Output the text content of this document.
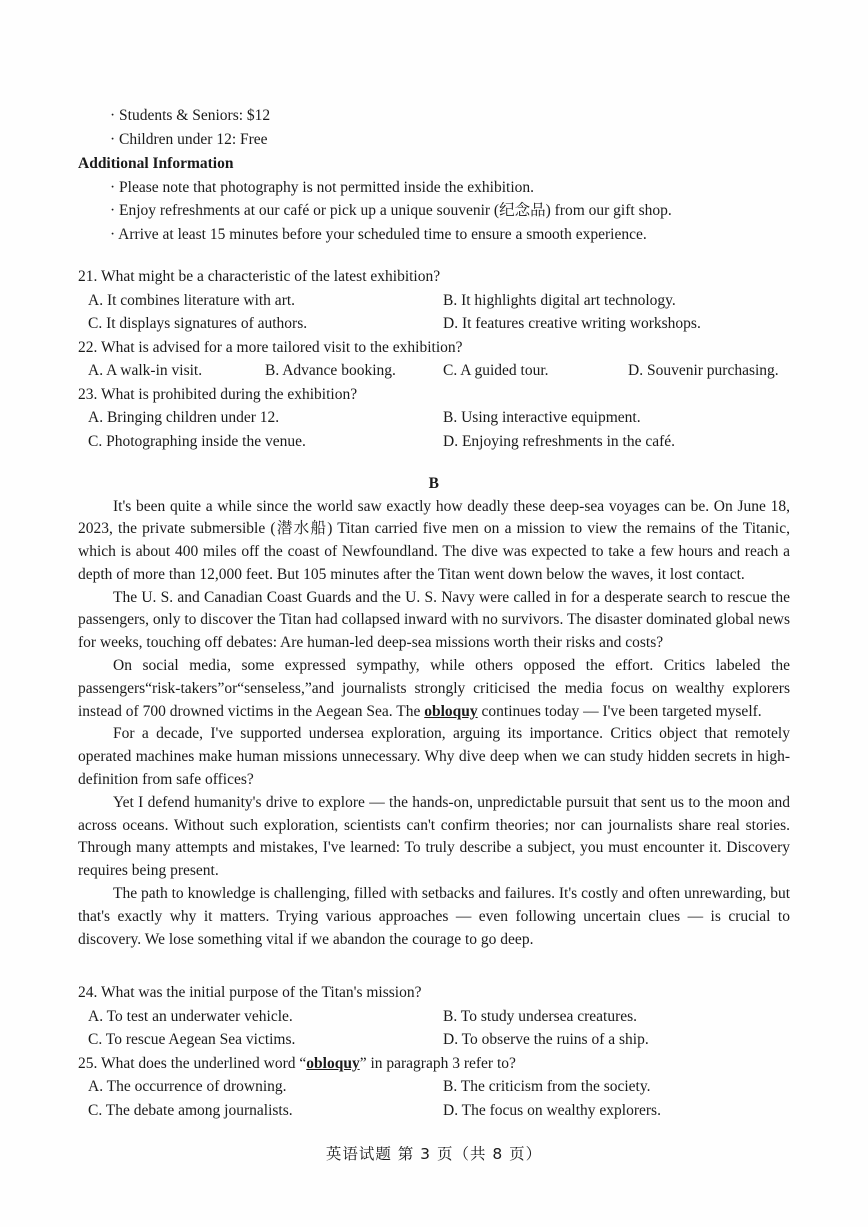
· Students & Seniors: $12
· Children under 12: Free
Additional Information
· Please note that photography is not permitted inside the exhibition.
· Enjoy refreshments at our café or pick up a unique souvenir (纪念品) from our gift shop.
· Arrive at least 15 minutes before your scheduled time to ensure a smooth experience.
21. What might be a characteristic of the latest exhibition?
A. It combines literature with art.	B. It highlights digital art technology.
C. It displays signatures of authors.	D. It features creative writing workshops.
22. What is advised for a more tailored visit to the exhibition?
A. A walk-in visit.	B. Advance booking.	C. A guided tour.	D. Souvenir purchasing.
23. What is prohibited during the exhibition?
A. Bringing children under 12.	B. Using interactive equipment.
C. Photographing inside the venue.	D. Enjoying refreshments in the café.
B

It's been quite a while since the world saw exactly how deadly these deep-sea voyages can be. On June 18, 2023, the private submersible (潜水船) Titan carried five men on a mission to view the remains of the Titanic, which is about 400 miles off the coast of Newfoundland. The dive was expected to take a few hours and reach a depth of more than 12,000 feet. But 105 minutes after the Titan went down below the waves, it lost contact.

The U. S. and Canadian Coast Guards and the U. S. Navy were called in for a desperate search to rescue the passengers, only to discover the Titan had collapsed inward with no survivors. The disaster dominated global news for weeks, touching off debates: Are human-led deep-sea missions worth their risks and costs?

On social media, some expressed sympathy, while others opposed the effort. Critics labeled the passengers“risk-takers”or“senseless,”and journalists strongly criticised the media focus on wealthy explorers instead of 700 drowned victims in the Aegean Sea. The obloquy continues today — I've been targeted myself.

For a decade, I've supported undersea exploration, arguing its importance. Critics object that remotely operated machines make human missions unnecessary. Why dive deep when we can study hidden secrets in high-definition from safe offices?

Yet I defend humanity's drive to explore — the hands-on, unpredictable pursuit that sent us to the moon and across oceans. Without such exploration, scientists can't confirm theories; nor can journalists share real stories. Through many attempts and mistakes, I've learned: To truly describe a subject, you must encounter it. Discovery requires being present.

The path to knowledge is challenging, filled with setbacks and failures. It's costly and often unrewarding, but that's exactly why it matters. Trying various approaches — even following uncertain clues — is crucial to discovery. We lose something vital if we abandon the courage to go deep.

24. What was the initial purpose of the Titan's mission?
A. To test an underwater vehicle.	B. To study undersea creatures.
C. To rescue Aegean Sea victims.	D. To observe the ruins of a ship.
25. What does the underlined word “obloquy” in paragraph 3 refer to?
A. The occurrence of drowning.	B. The criticism from the society.
C. The debate among journalists.	D. The focus on wealthy explorers.
英语试题 第 3 页（共 8 页）
